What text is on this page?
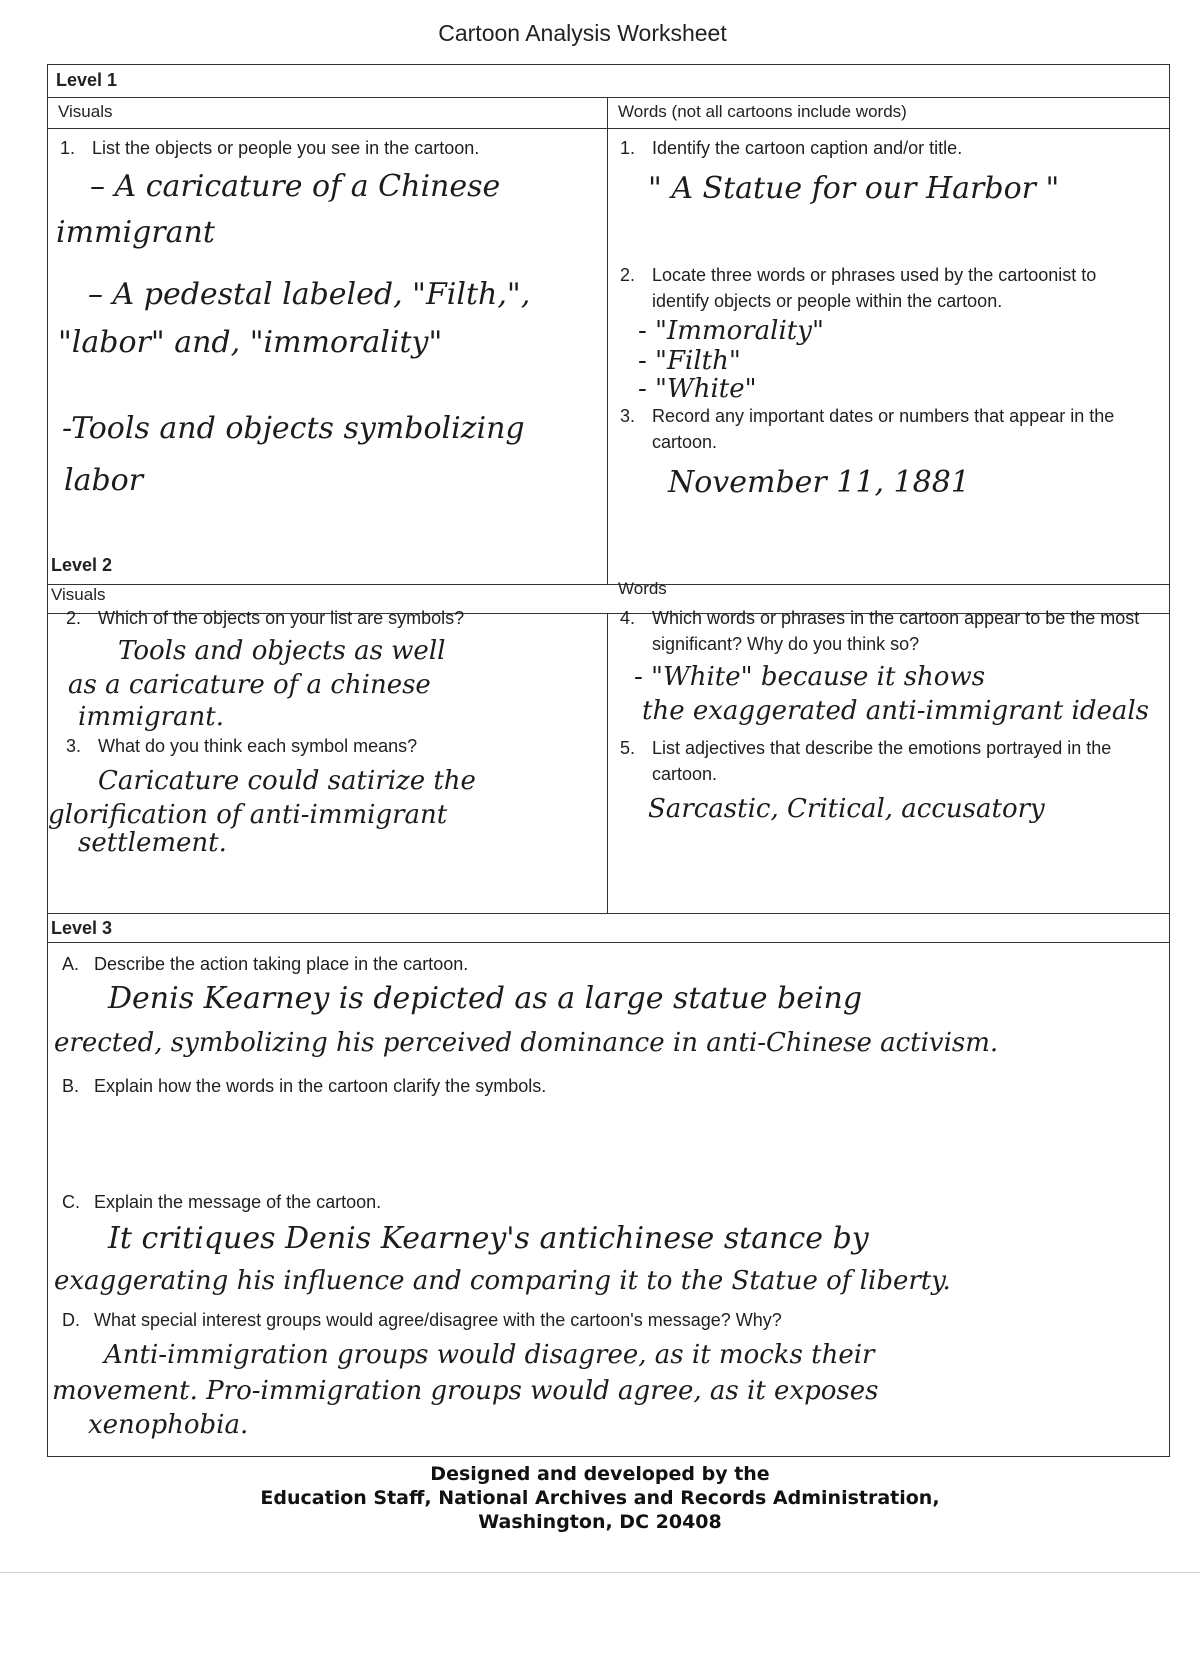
Cartoon Analysis Worksheet
Level 1
Visuals	Words (not all cartoons include words)
1. List the objects or people you see in the cartoon.
– A caricature of a Chinese
immigrant
– A pedestal labeled, "Filth,",
"labor" and, "immorality"
-Tools and objects symbolizing
labor
1. Identify the cartoon caption and/or title.
" A Statue for our Harbor "
2. Locate three words or phrases used by the cartoonist to identify objects or people within the cartoon.
- "Immorality"
- "Filth"
- "White"
3. Record any important dates or numbers that appear in the cartoon.
November 11, 1881
Level 2
Visuals	Words
2. Which of the objects on your list are symbols?
Tools and objects as well
as a caricature of a chinese
immigrant.
3. What do you think each symbol means?
Caricature could satirize the
glorification of anti-immigrant
settlement.
4. Which words or phrases in the cartoon appear to be the most significant? Why do you think so?
- "White" because it shows
the exaggerated anti-immigrant ideals
5. List adjectives that describe the emotions portrayed in the cartoon.
Sarcastic, Critical, accusatory
Level 3
A. Describe the action taking place in the cartoon.
Denis Kearney is depicted as a large statue being
erected, symbolizing his perceived dominance in anti-Chinese activism.
B. Explain how the words in the cartoon clarify the symbols.
C. Explain the message of the cartoon.
It critiques Denis Kearney's antichinese stance by
exaggerating his influence and comparing it to the Statue of liberty.
D. What special interest groups would agree/disagree with the cartoon's message? Why?
Anti-immigration groups would disagree, as it mocks their
movement. Pro-immigration groups would agree, as it exposes
xenophobia.
Designed and developed by the
Education Staff, National Archives and Records Administration,
Washington, DC 20408
